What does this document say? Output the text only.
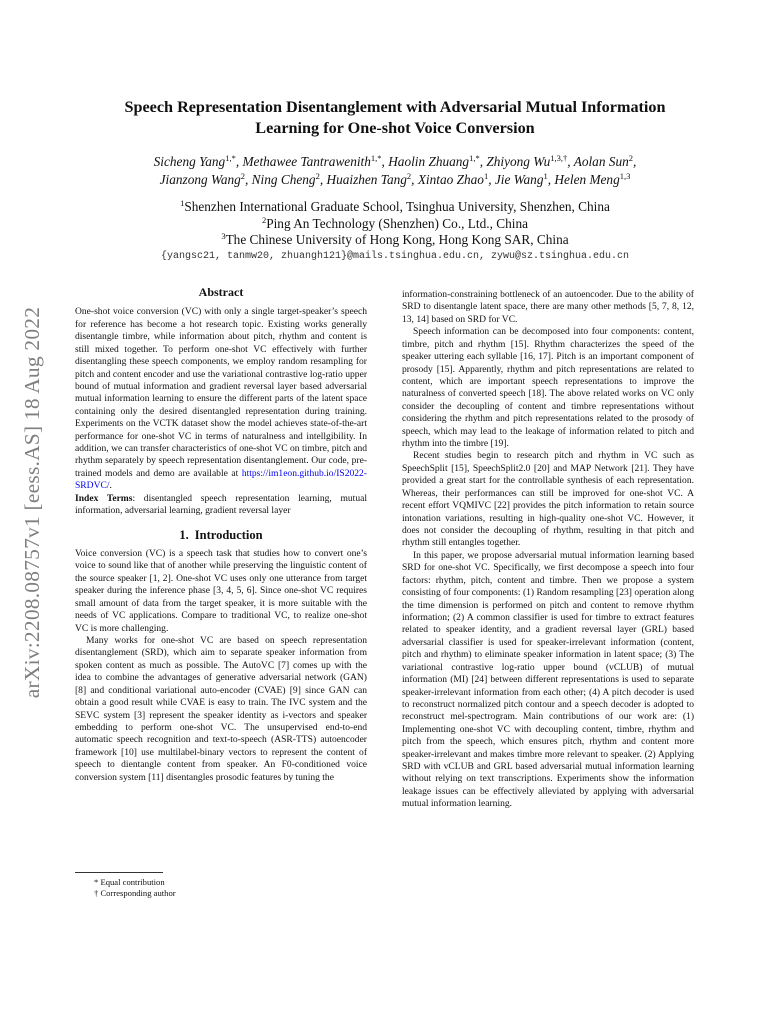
arXiv:2208.08757v1 [eess.AS] 18 Aug 2022
Speech Representation Disentanglement with Adversarial Mutual Information
Learning for One-shot Voice Conversion
Sicheng Yang$^{1,*}$, Methawee Tantrawenith$^{1,*}$, Haolin Zhuang$^{1,*}$, Zhiyong $Wu^{1,3,\dagger}$, Aolan Sun$^2$,
Jianzong Wang$^2$, Ning Cheng$^2$, Huaizhen Tang$^2$, Xintao Zhao$^1$, Jie Wang$^1$, Helen Meng$^{1,3}$
$^1$Shenzhen International Graduate School, Tsinghua University, Shenzhen, China
$^2$Ping An Technology (Shenzhen) Co., Ltd., China
$^3$The Chinese University of Hong Kong, Hong Kong SAR, China
{yangsc21, tanmw20, zhuangh121}@mails.tsinghua.edu.cn, zywu@sz.tsinghua.edu.cn
Abstract

One-shot voice conversion (VC) with only a single target-speaker’s speech for reference has become a hot research topic. Existing works generally disentangle timbre, while information about pitch, rhythm and content is still mixed together. To perform one-shot VC effectively with further disentangling these speech components, we employ random resampling for pitch and content encoder and use the variational contrastive log-ratio upper bound of mutual information and gradient reversal layer based adversarial mutual information learning to ensure the different parts of the latent space containing only the desired disentangled representation during training. Experiments on the VCTK dataset show the model achieves state-of-the-art performance for one-shot VC in terms of naturalness and intellgibility. In addition, we can transfer characteristics of one-shot VC on timbre, pitch and rhythm separately by speech representation disentanglement. Our code, pre-trained models and demo are available at https://im1eon.github.io/IS2022-SRDVC/.

Index Terms: disentangled speech representation learning, mutual information, adversarial learning, gradient reversal layer

1. Introduction

Voice conversion (VC) is a speech task that studies how to convert one’s voice to sound like that of another while preserving the linguistic content of the source speaker [1, 2]. One-shot VC uses only one utterance from target speaker during the inference phase [3, 4, 5, 6]. Since one-shot VC requires small amount of data from the target speaker, it is more suitable with the needs of VC applications. Compare to traditional VC, to realize one-shot VC is more challenging.

Many works for one-shot VC are based on speech representation disentanglement (SRD), which aim to separate speaker information from spoken content as much as possible. The AutoVC [7] comes up with the idea to combine the advantages of generative adversarial network (GAN) [8] and conditional variational auto-encoder (CVAE) [9] since GAN can obtain a good result while CVAE is easy to train. The IVC system and the SEVC system [3] represent the speaker identity as i-vectors and speaker embedding to perform one-shot VC. The unsupervised end-to-end automatic speech recognition and text-to-speech (ASR-TTS) autoencoder framework [10] use multilabel-binary vectors to represent the content of speech to dientangle content from speaker. An F0-conditioned voice conversion system [11] disentangles prosodic features by tuning the

information-constraining bottleneck of an autoencoder. Due to the ability of SRD to disentangle latent space, there are many other methods [5, 7, 8, 12, 13, 14] based on SRD for VC.

Speech information can be decomposed into four components: content, timbre, pitch and rhythm [15]. Rhythm characterizes the speed of the speaker uttering each syllable [16, 17]. Pitch is an important component of prosody [15]. Apparently, rhythm and pitch representations are related to content, which are important speech representations to improve the naturalness of converted speech [18]. The above related works on VC only consider the decoupling of content and timbre representations without considering the rhythm and pitch representations related to the prosody of speech, which may lead to the leakage of information related to pitch and rhythm into the timbre [19].

Recent studies begin to research pitch and rhythm in VC such as SpeechSplit [15], SpeechSplit2.0 [20] and MAP Network [21]. They have provided a great start for the controllable synthesis of each representation. Whereas, their performances can still be improved for one-shot VC. A recent effort VQMIVC [22] provides the pitch information to retain source intonation variations, resulting in high-quality one-shot VC. However, it does not consider the decoupling of rhythm, resulting in that pitch and rhythm still entangles together.

In this paper, we propose adversarial mutual information learning based SRD for one-shot VC. Specifically, we first decompose a speech into four factors: rhythm, pitch, content and timbre. Then we propose a system consisting of four components: (1) Random resampling [23] operation along the time dimension is performed on pitch and content to remove rhythm information; (2) A common classifier is used for timbre to extract features related to speaker identity, and a gradient reversal layer (GRL) based adversarial classifier is used for speaker-irrelevant information (content, pitch and rhythm) to eliminate speaker information in latent space; (3) The variational contrastive log-ratio upper bound (vCLUB) of mutual information (MI) [24] between different representations is used to separate speaker-irrelevant information from each other; (4) A pitch decoder is used to reconstruct normalized pitch contour and a speech decoder is adopted to reconstruct mel-spectrogram. Main contributions of our work are: (1) Implementing one-shot VC with decoupling content, timbre, rhythm and pitch from the speech, which ensures pitch, rhythm and content more speaker-irrelevant and makes timbre more relevant to speaker. (2) Applying SRD with vCLUB and GRL based adversarial mutual information learning without relying on text transcriptions. Experiments show the information leakage issues can be effectively alleviated by applying with adversarial mutual information learning.

* Equal contribution

† Corresponding author
